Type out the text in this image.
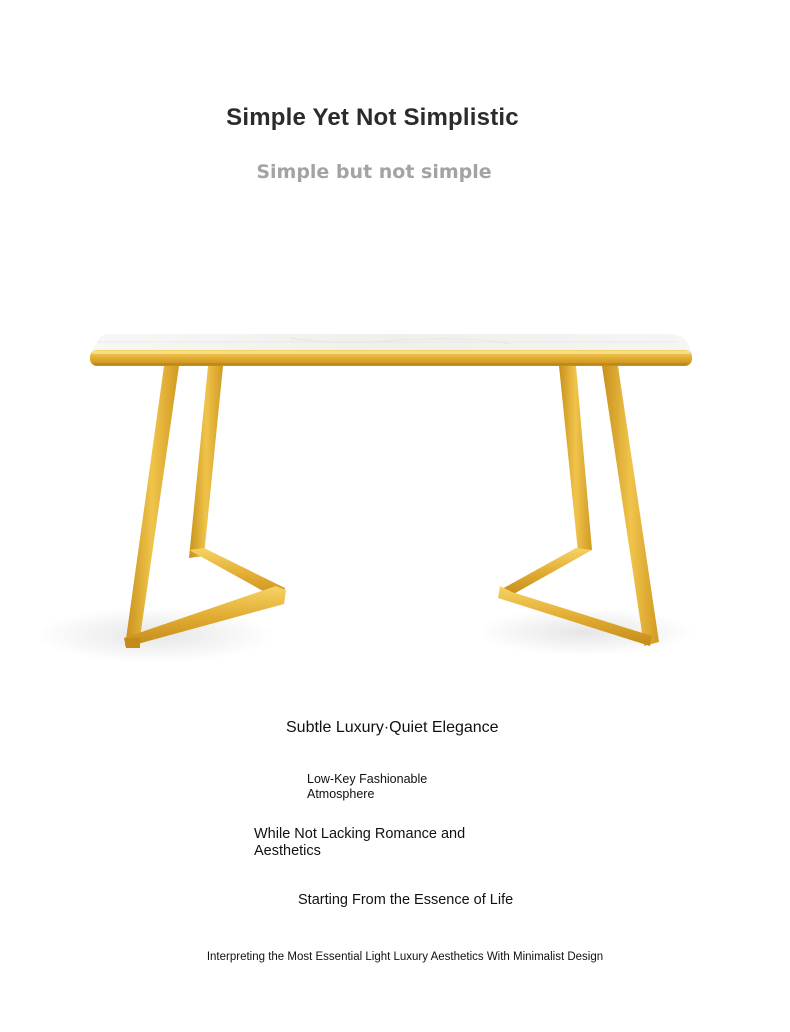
Simple Yet Not Simplistic
Simple but not simple
Subtle Luxury·Quiet Elegance
Low-Key Fashionable Atmosphere
While Not Lacking Romance and Aesthetics
Starting From the Essence of Life
Interpreting the Most Essential Light Luxury Aesthetics With Minimalist Design
